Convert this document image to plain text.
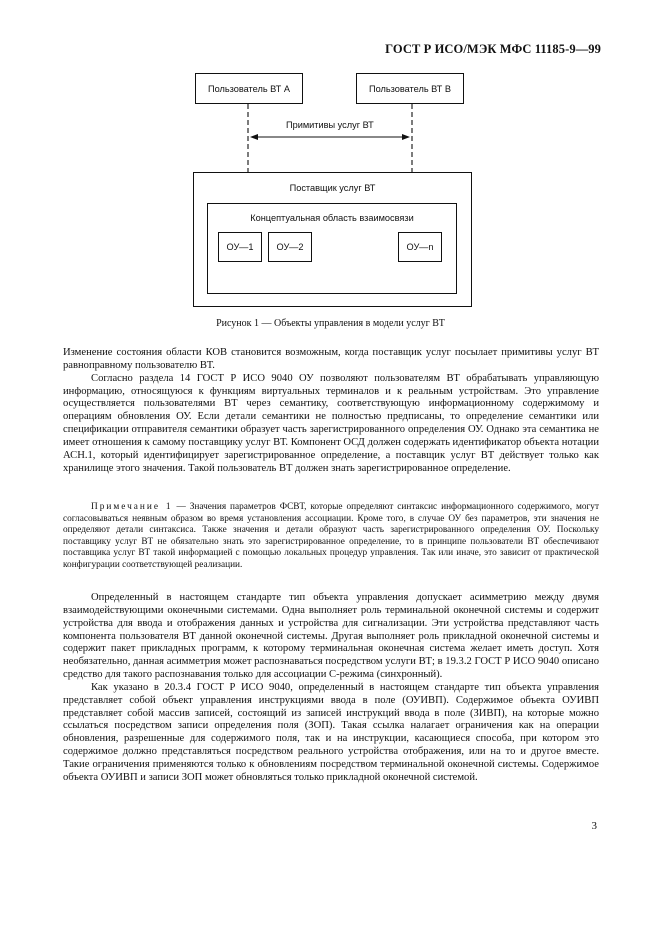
ГОСТ Р ИСО/МЭК МФС 11185-9—99
Пользователь ВТ А	Пользователь ВТ В
Примитивы услуг ВТ
Поставщик услуг ВТ
Концептуальная область взаимосвязи
ОУ—1	ОУ—2	ОУ—n
Рисунок 1 — Объекты управления в модели услуг ВТ

Изменение состояния области КОВ становится возможным, когда поставщик услуг посылает примитивы услуг ВТ равноправному пользователю ВТ.

Согласно раздела 14 ГОСТ Р ИСО 9040 ОУ позволяют пользователям ВТ обрабатывать управляющую информацию, относящуюся к функциям виртуальных терминалов и к реальным устройствам. Это управление осуществляется пользователями ВТ через семантику, соответствующую информационному содержимому и операциям обновления ОУ. Если детали семантики не полностью предписаны, то определение семантики или спецификации отправителя семантики образует часть зарегистрированного определения ОУ. Однако эта семантика не имеет отношения к самому поставщику услуг ВТ. Компонент ОСД должен содержать идентификатор объекта нотации АСН.1, который идентифицирует зарегистрированное определение, а поставщик услуг ВТ действует только как хранилище этого значения. Такой пользователь ВТ должен знать зарегистрированное определение.

Примечание 1 — Значения параметров ФСВТ, которые определяют синтаксис информационного содержимого, могут согласовываться неявным образом во время установления ассоциации. Кроме того, в случае ОУ без параметров, эти значения не определяют детали синтаксиса. Также значения и детали образуют часть зарегистрированного определения ОУ. Поскольку поставщику услуг ВТ не обязательно знать это зарегистрированное определение, то в принципе пользователи ВТ обеспечивают поставщика услуг ВТ такой информацией с помощью локальных процедур управления. Так или иначе, это зависит от практической конфигурации соответствующей реализации.

Определенный в настоящем стандарте тип объекта управления допускает асимметрию между двумя взаимодействующими оконечными системами. Одна выполняет роль терминальной оконечной системы и содержит устройства для ввода и отображения данных и устройства для сигнализации. Эти устройства представляют часть компонента пользователя ВТ данной оконечной системы. Другая выполняет роль прикладной оконечной системы и содержит пакет прикладных программ, к которому терминальная оконечная система желает иметь доступ. Хотя необязательно, данная асимметрия может распознаваться посредством услуги ВТ; в 19.3.2 ГОСТ Р ИСО 9040 описано средство для такого распознавания только для ассоциации С-режима (синхронный).

Как указано в 20.3.4 ГОСТ Р ИСО 9040, определенный в настоящем стандарте тип объекта управления представляет собой объект управления инструкциями ввода в поле (ОУИВП). Содержимое объекта ОУИВП представляет собой массив записей, состоящий из записей инструкций ввода в поле (ЗИВП), на которые можно ссылаться посредством записи определения поля (ЗОП). Такая ссылка налагает ограничения как на операции обновления, разрешенные для содержимого поля, так и на инструкции, касающиеся способа, при котором это содержимое должно представляться посредством реального устройства отображения, или на то и другое вместе. Такие ограничения применяются только к обновлениям посредством терминальной оконечной системы. Содержимое объекта ОУИВП и записи ЗОП может обновляться только прикладной оконечной системой.

3
